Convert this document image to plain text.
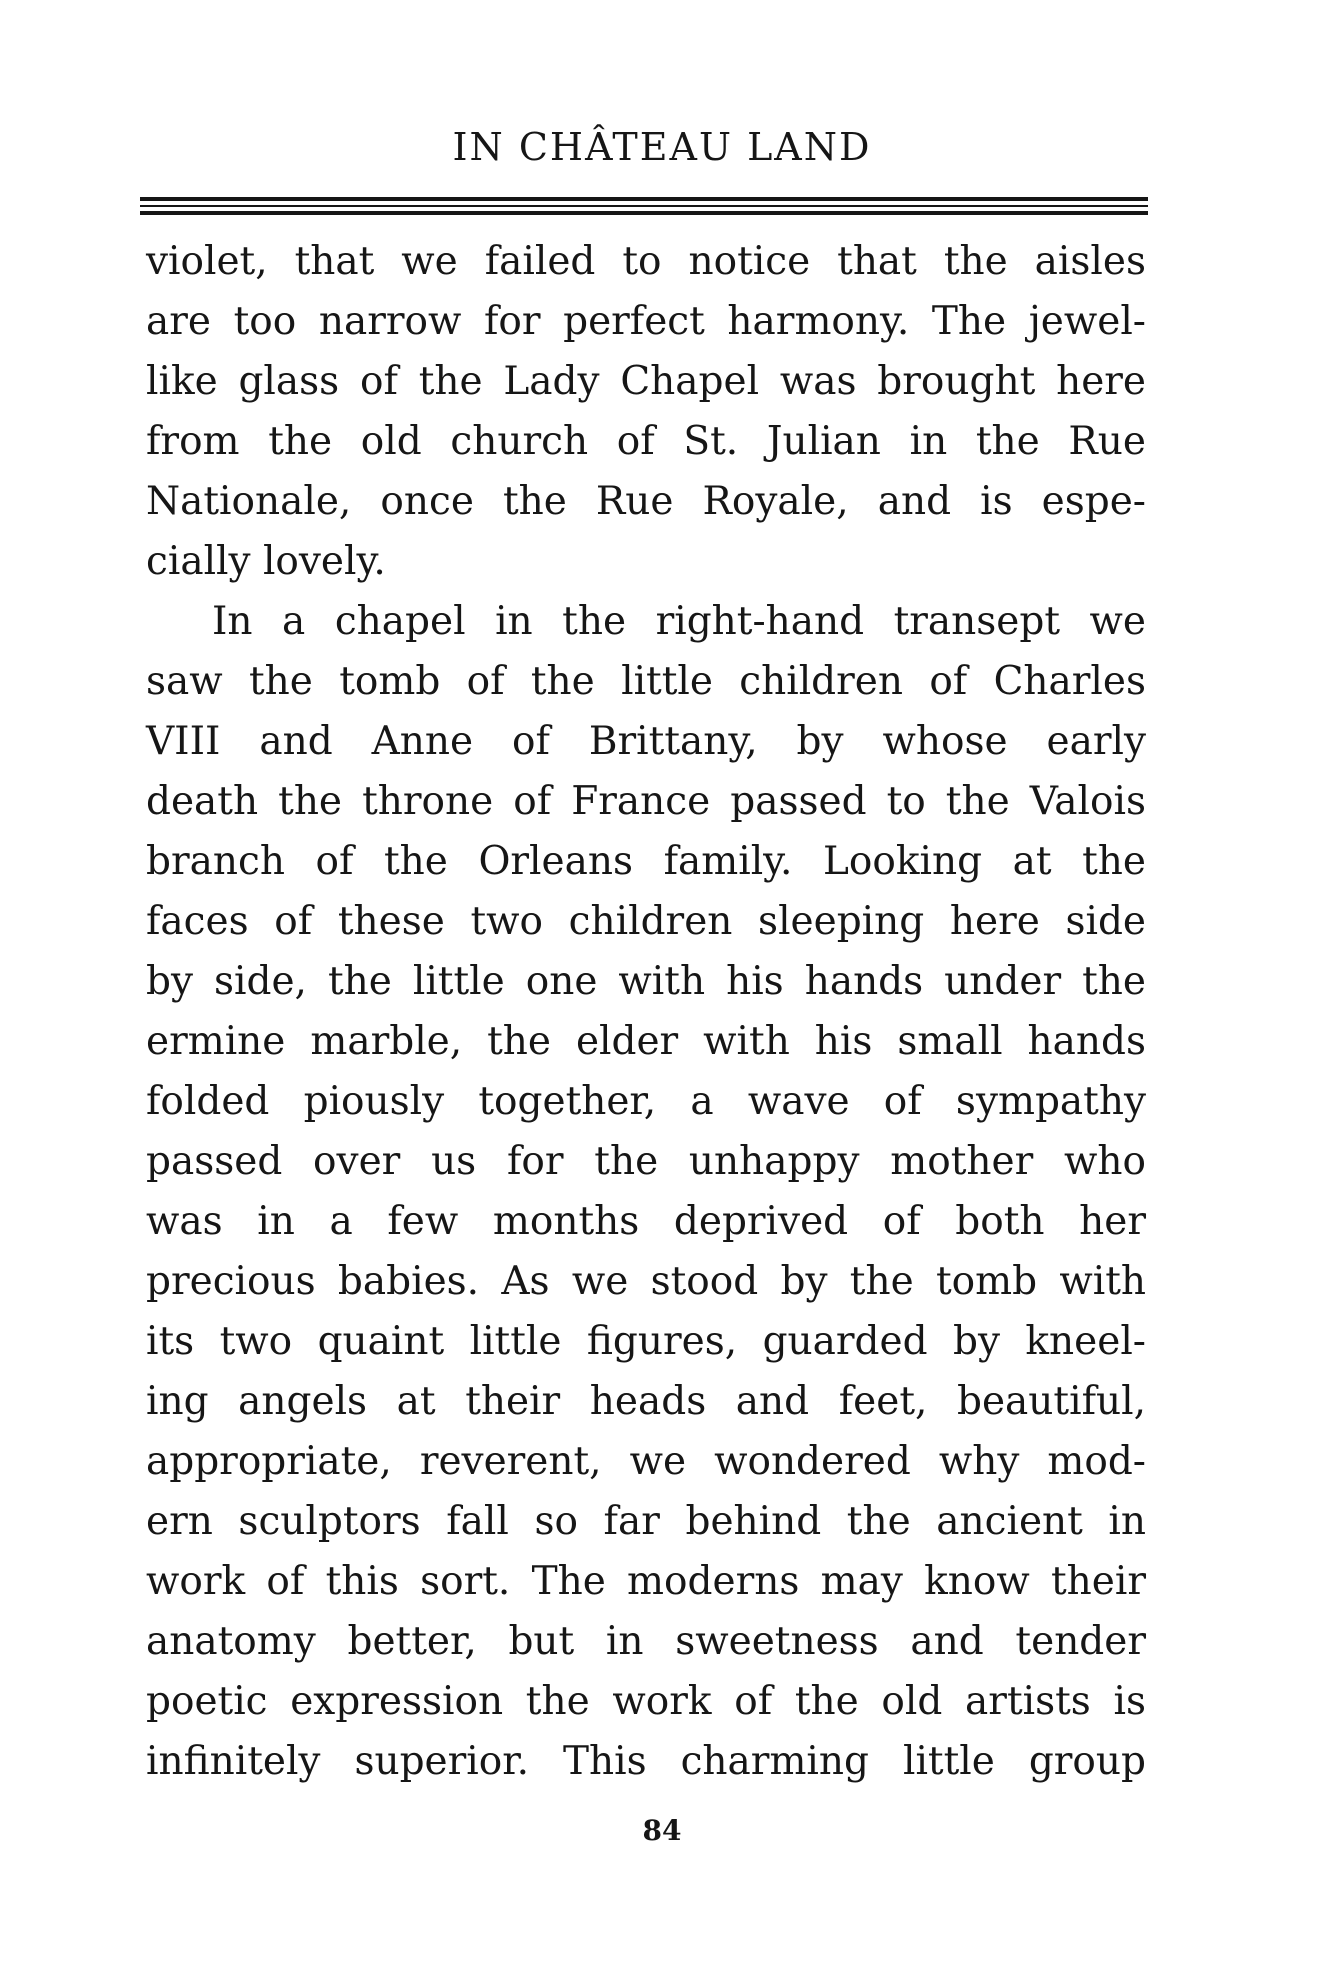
IN CHÂTEAU LAND
violet, that we failed to notice that the aisles
are too narrow for perfect harmony. The jewel-
like glass of the Lady Chapel was brought here
from the old church of St. Julian in the Rue
Nationale, once the Rue Royale, and is espe-
cially lovely.
In a chapel in the right-hand transept we
saw the tomb of the little children of Charles
VIII and Anne of Brittany, by whose early
death the throne of France passed to the Valois
branch of the Orleans family. Looking at the
faces of these two children sleeping here side
by side, the little one with his hands under the
ermine marble, the elder with his small hands
folded piously together, a wave of sympathy
passed over us for the unhappy mother who
was in a few months deprived of both her
precious babies. As we stood by the tomb with
its two quaint little figures, guarded by kneel-
ing angels at their heads and feet, beautiful,
appropriate, reverent, we wondered why mod-
ern sculptors fall so far behind the ancient in
work of this sort. The moderns may know their
anatomy better, but in sweetness and tender
poetic expression the work of the old artists is
infinitely superior. This charming little group
84
